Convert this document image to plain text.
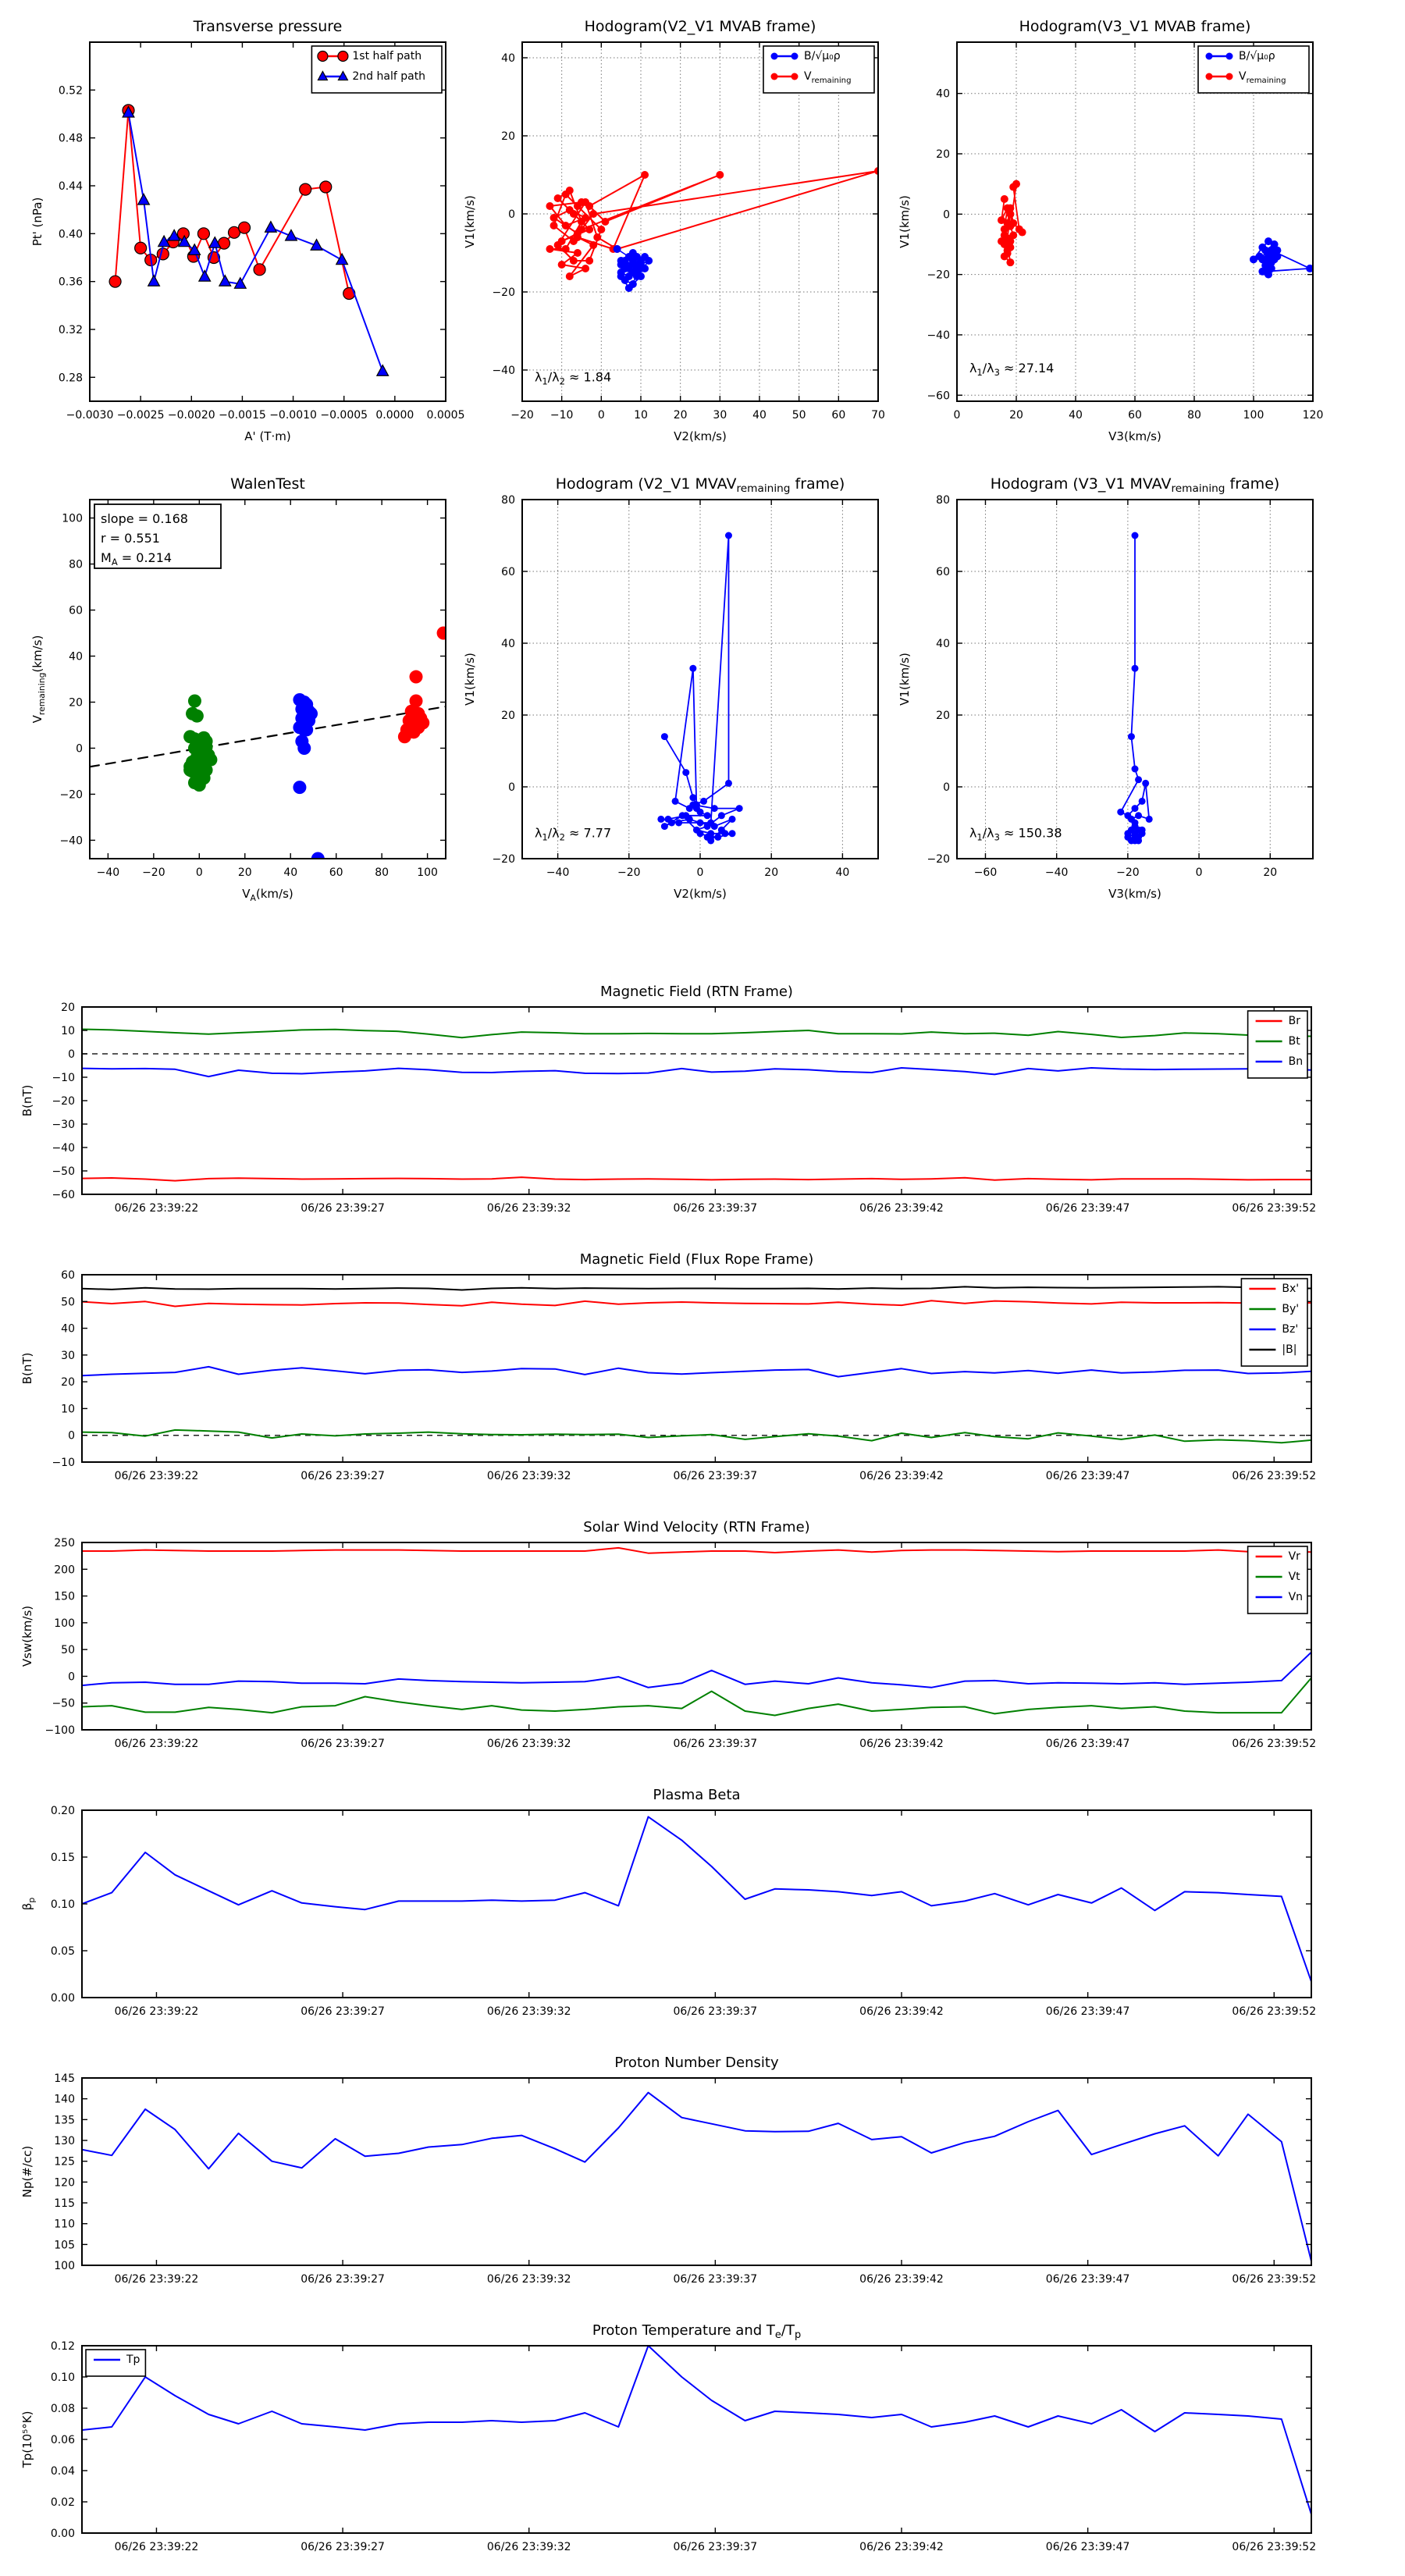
−0.0030 −0.0025 −0.0020 −0.0015 −0.0010 −0.0005 0.0000 0.0005
0.28
0.32
0.36
0.40
0.44
0.48
0.52
Transverse pressure
A' (T·m)
Pt' (nPa)
1st half path
2nd half path
−20 −10 0	10 20 30 40 50 60 70
−40
−20
0
20
40
Hodogram(V2_V1 MVAB frame)
V2(km/s)
V1(km/s)
B/√μ₀ρ
$V_{remaining}$
$\lambda_1/\lambda_2 \approx 1.84$
0	20	40	60	80	100	120
−60
−40
−20
0
20
40
Hodogram(V3_V1 MVAB frame)
V3(km/s)
V1(km/s)
B/√μ₀ρ
$V_{remaining}$
$\lambda_1/\lambda_3 \approx 27.14$
−40 −20	0	20	40	60	80	100
−40
−20
0
20
40
60
80
100
WalenTest
$V_A(km/s)$
$V_{remaining}(km/s)$
slope = 0.168
r = 0.551
$M_A = 0.214$
−40	−20	0	20	40
−20
0
20
40
60
80
Hodogram (V2_V1 $MVAV_{remaining}$ frame)
V2(km/s)
V1(km/s)
$\lambda_1/\lambda_2 \approx 7.77$
−60	−40	−20	0	20
−20
0
20
40
60
80
Hodogram (V3_V1 $MVAV_{remaining}$ frame)
V3(km/s)
V1(km/s)
$\lambda_1/\lambda_3 \approx 150.38$
06/26 23:39:22	06/26 23:39:27	06/26 23:39:32	06/26 23:39:37	06/26 23:39:42	06/26 23:39:47	06/26 23:39:52
20
10
0
−10
−20
−30
−40
−50
−60
Magnetic Field (RTN Frame)
B(nT)
Br
Bt
Bn
06/26 23:39:22	06/26 23:39:27	06/26 23:39:32	06/26 23:39:37	06/26 23:39:42	06/26 23:39:47	06/26 23:39:52
60
50
40
30
20
10
0
−10
Magnetic Field (Flux Rope Frame)
B(nT)
Bx'
By'
Bz'
|B|
06/26 23:39:22	06/26 23:39:27	06/26 23:39:32	06/26 23:39:37	06/26 23:39:42	06/26 23:39:47	06/26 23:39:52
250
200
150
100
50
0
−50
−100
Solar Wind Velocity (RTN Frame)
Vsw(km/s)
Vr
Vt
Vn
06/26 23:39:22	06/26 23:39:27	06/26 23:39:32	06/26 23:39:37	06/26 23:39:42	06/26 23:39:47	06/26 23:39:52
0.20
0.15
0.10
0.05
0.00
Plasma Beta
$\beta_p$
06/26 23:39:22	06/26 23:39:27	06/26 23:39:32	06/26 23:39:37	06/26 23:39:42	06/26 23:39:47	06/26 23:39:52
145
140
135
130
125
120
115
110
105
100
Proton Number Density
Np(#/cc)
06/26 23:39:22	06/26 23:39:27	06/26 23:39:32	06/26 23:39:37	06/26 23:39:42	06/26 23:39:47	06/26 23:39:52
0.12
0.10
0.08
0.06
0.04
0.02
0.00
Proton Temperature and $T_e/T_p$
Tp(10⁵°K)
Tp
